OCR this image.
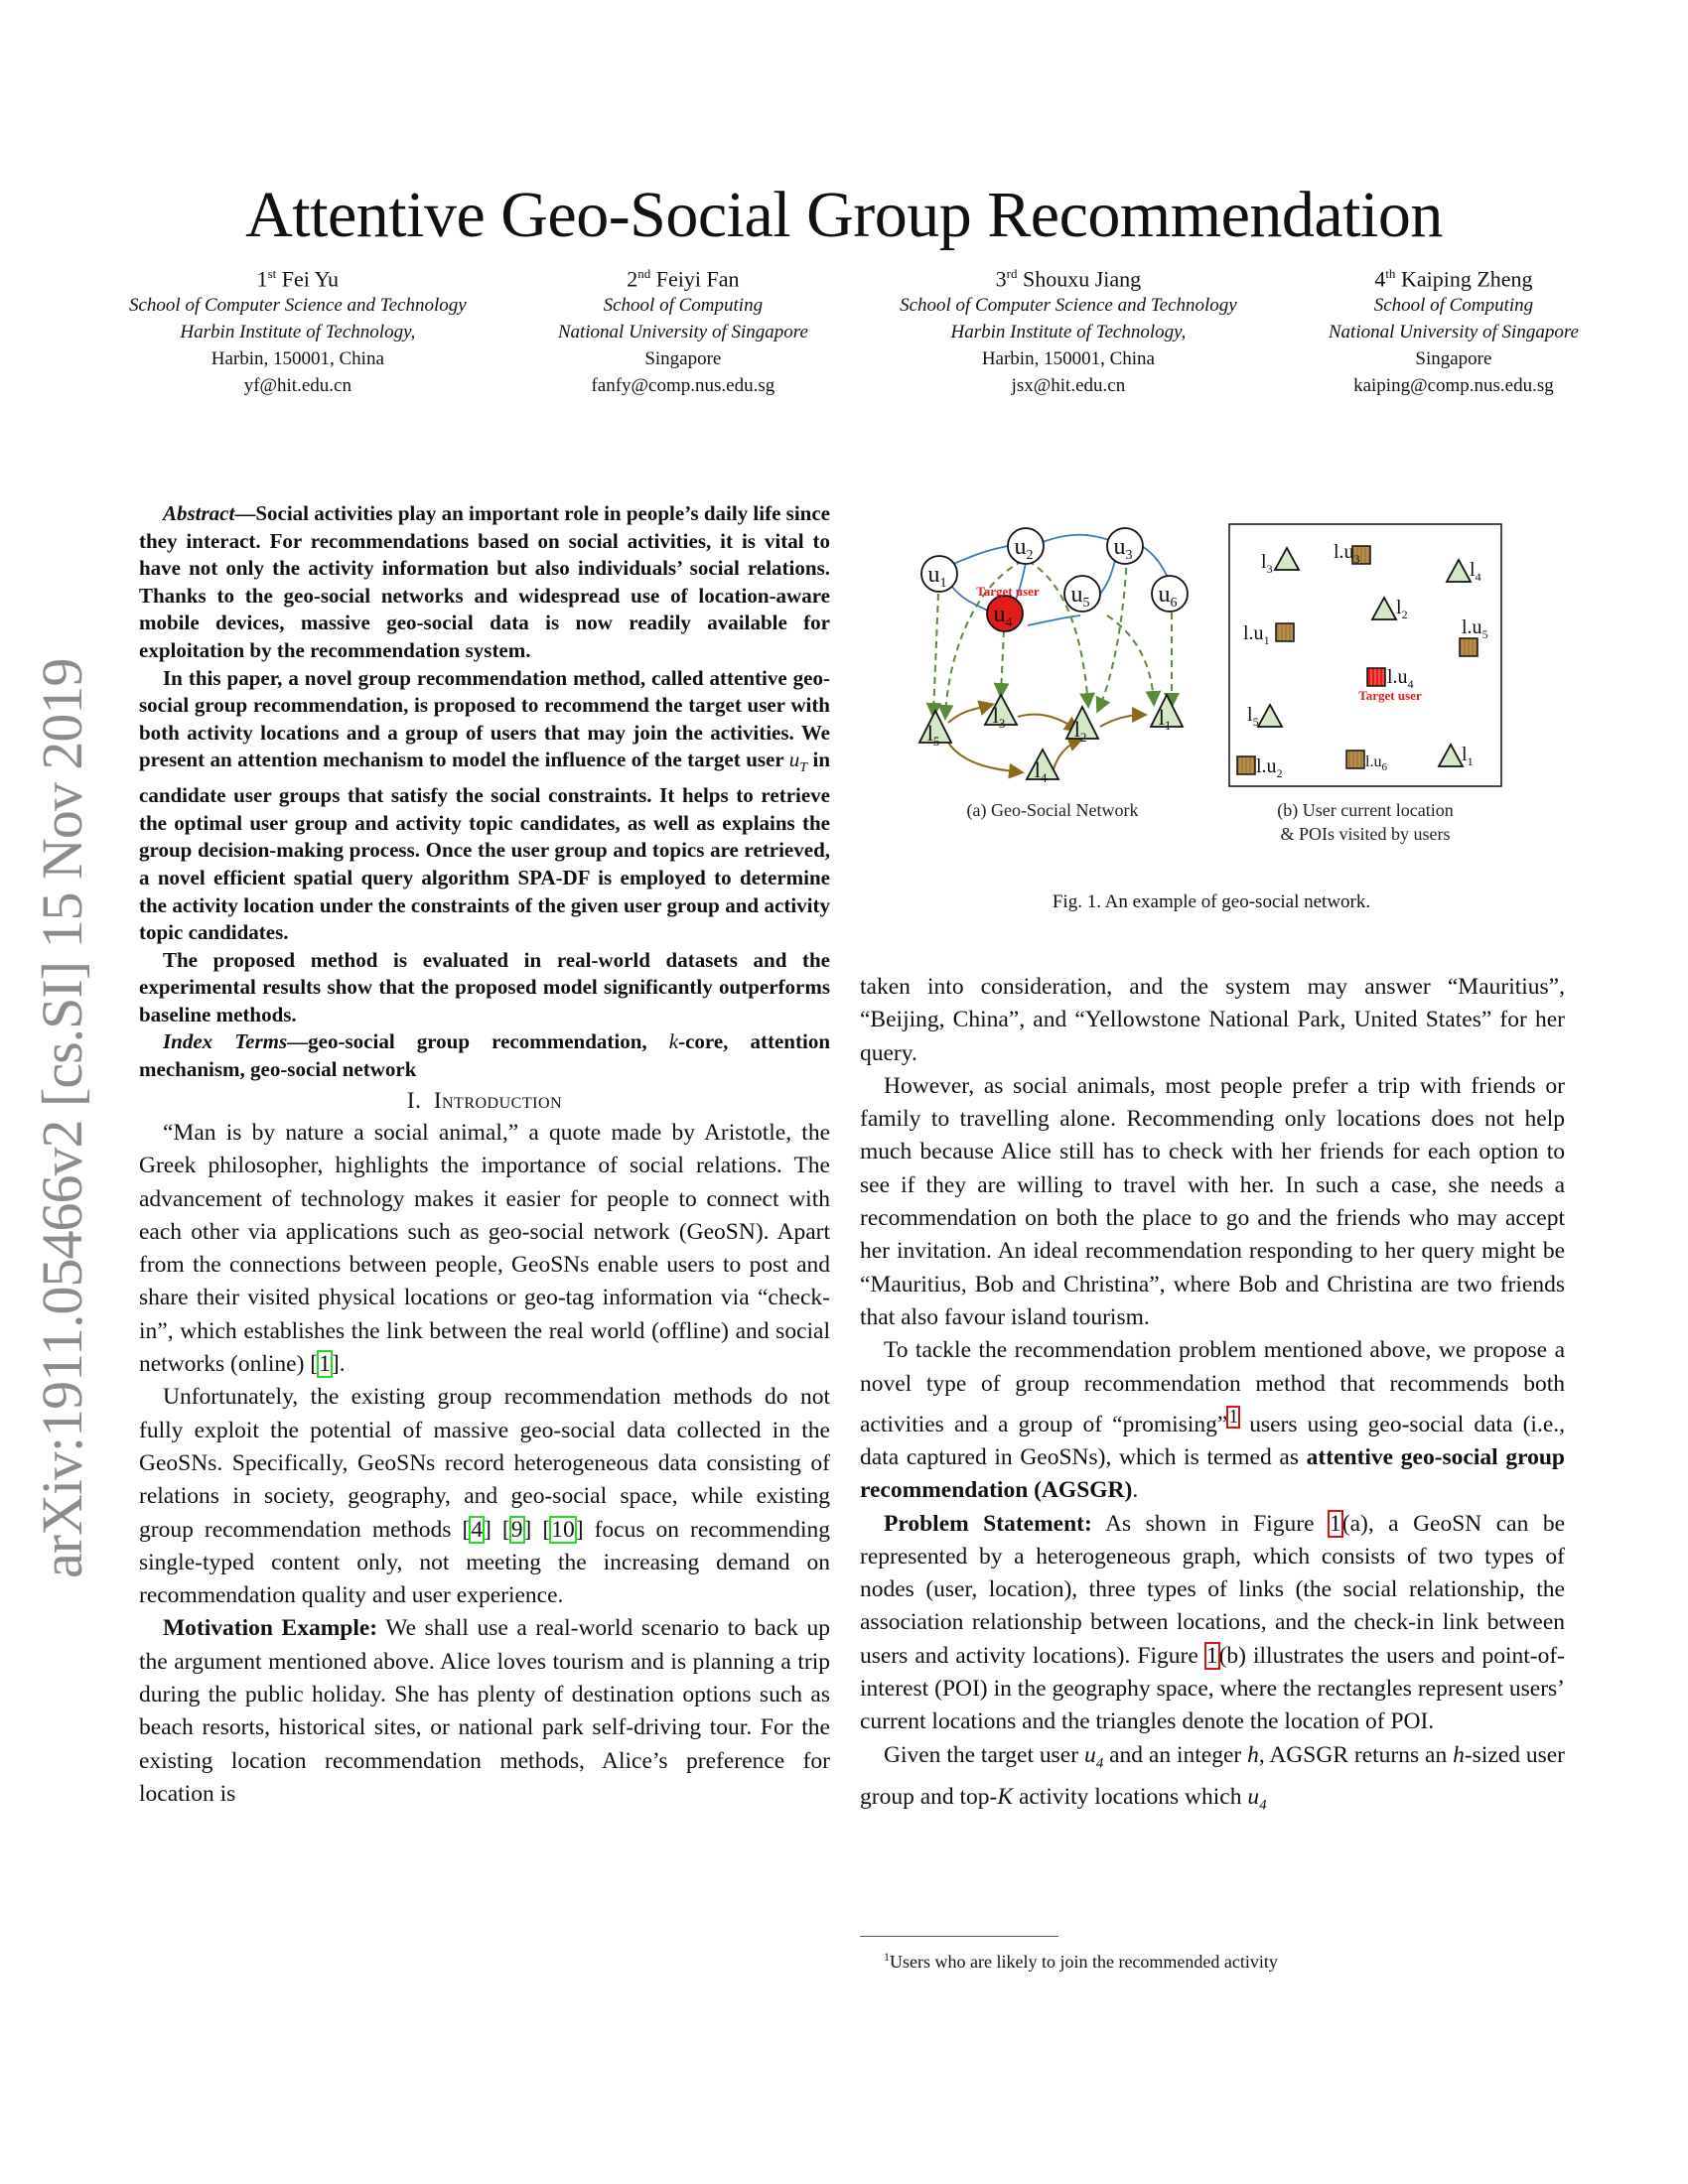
arXiv:1911.05466v2 [cs.SI] 15 Nov 2019
Attentive Geo-Social Group Recommendation
1st Fei Yu
School of Computer Science and Technology
Harbin Institute of Technology,
Harbin, 150001, China
yf@hit.edu.cn
2nd Feiyi Fan
School of Computing
National University of Singapore
Singapore
fanfy@comp.nus.edu.sg
3rd Shouxu Jiang
School of Computer Science and Technology
Harbin Institute of Technology,
Harbin, 150001, China
jsx@hit.edu.cn
4th Kaiping Zheng
School of Computing
National University of Singapore
Singapore
kaiping@comp.nus.edu.sg

Abstract—Social activities play an important role in people’s daily life since they interact. For recommendations based on social activities, it is vital to have not only the activity information but also individuals’ social relations. Thanks to the geo-social networks and widespread use of location-aware mobile devices, massive geo-social data is now readily available for exploitation by the recommendation system.

In this paper, a novel group recommendation method, called attentive geo-social group recommendation, is proposed to recommend the target user with both activity locations and a group of users that may join the activities. We present an attention mechanism to model the influence of the target user $u_T$ in candidate user groups that satisfy the social constraints. It helps to retrieve the optimal user group and activity topic candidates, as well as explains the group decision-making process. Once the user group and topics are retrieved, a novel efficient spatial query algorithm SPA-DF is employed to determine the activity location under the constraints of the given user group and activity topic candidates.

The proposed method is evaluated in real-world datasets and the experimental results show that the proposed model significantly outperforms baseline methods.

Index Terms—geo-social group recommendation, k-core, attention mechanism, geo-social network

I. Introduction

“Man is by nature a social animal,” a quote made by Aristotle, the Greek philosopher, highlights the importance of social relations. The advancement of technology makes it easier for people to connect with each other via applications such as geo-social network (GeoSN). Apart from the connections between people, GeoSNs enable users to post and share their visited physical locations or geo-tag information via “check-in”, which establishes the link between the real world (offline) and social networks (online) [1].

Unfortunately, the existing group recommendation methods do not fully exploit the potential of massive geo-social data collected in the GeoSNs. Specifically, GeoSNs record heterogeneous data consisting of relations in society, geography, and geo-social space, while existing group recommendation methods [4] [9] [10] focus on recommending single-typed content only, not meeting the increasing demand on recommendation quality and user experience.

Motivation Example: We shall use a real-world scenario to back up the argument mentioned above. Alice loves tourism and is planning a trip during the public holiday. She has plenty of destination options such as beach resorts, historical sites, or national park self-driving tour. For the existing location recommendation methods, Alice’s preference for location is

$u_1$
$u_2$	$u_3$
$u_4$
$u_5$	$u_6$
Target user
$l_5$
$l_3$	$l_2$
$l_4$
$l_1$
(a) Geo-Social Network
$l_3$
$l.u_3$	$l_4$
$l_2$
$l.u_1$
$l.u_5$
$l.u_4$
$l_5$
$l.u_2$
$l.u_6$
$l_1$
Target user
(b) User current location
& POIs visited by users
Fig. 1. An example of geo-social network.

taken into consideration, and the system may answer “Mauritius”, “Beijing, China”, and “Yellowstone National Park, United States” for her query.

However, as social animals, most people prefer a trip with friends or family to travelling alone. Recommending only locations does not help much because Alice still has to check with her friends for each option to see if they are willing to travel with her. In such a case, she needs a recommendation on both the place to go and the friends who may accept her invitation. An ideal recommendation responding to her query might be “Mauritius, Bob and Christina”, where Bob and Christina are two friends that also favour island tourism.

To tackle the recommendation problem mentioned above, we propose a novel type of group recommendation method that recommends both activities and a group of “promising”$^1$ users using geo-social data (i.e., data captured in GeoSNs), which is termed as attentive geo-social group recommendation (AGSGR).

Problem Statement: As shown in Figure 1(a), a GeoSN can be represented by a heterogeneous graph, which consists of two types of nodes (user, location), three types of links (the social relationship, the association relationship between locations, and the check-in link between users and activity locations). Figure 1(b) illustrates the users and point-of-interest (POI) in the geography space, where the rectangles represent users’ current locations and the triangles denote the location of POI.

Given the target user $u_4$ and an integer h, AGSGR returns an h-sized user group and top-K activity locations which $u_4$

$^1$Users who are likely to join the recommended activity
